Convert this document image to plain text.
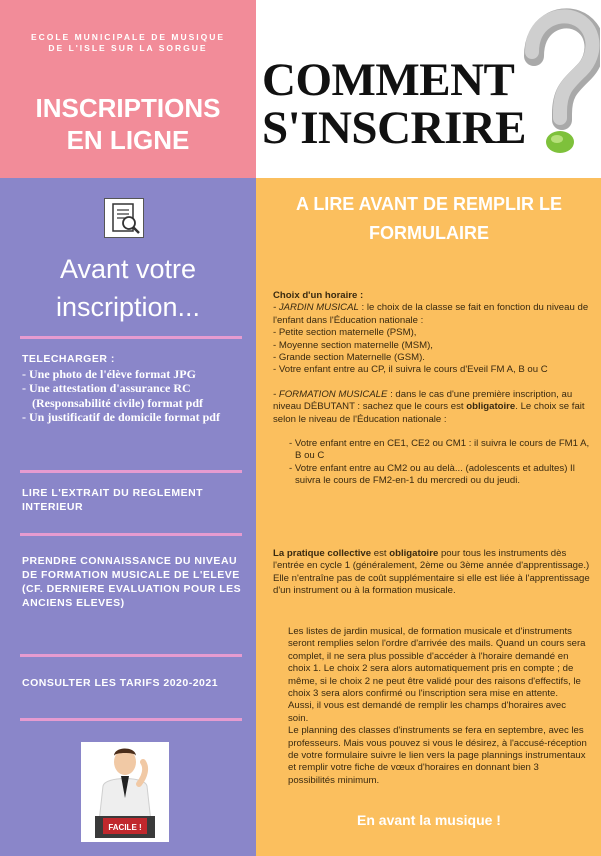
ECOLE MUNICIPALE DE MUSIQUE
DE L'ISLE SUR LA SORGUE
INSCRIPTIONS
EN LIGNE
COMMENT
S'INSCRIRE
Avant votre
inscription...
TELECHARGER :
- Une photo de l'élève format JPG
- Une attestation d'assurance RC (Responsabilité civile) format pdf
- Un justificatif de domicile format pdf
LIRE L'EXTRAIT DU REGLEMENT INTERIEUR
PRENDRE CONNAISSANCE DU NIVEAU DE FORMATION MUSICALE DE L'ELEVE (CF. DERNIERE EVALUATION POUR LES ANCIENS ELEVES)
CONSULTER LES TARIFS 2020-2021
FACILE !
A LIRE AVANT DE REMPLIR LE FORMULAIRE
Choix d'un horaire :
- JARDIN MUSICAL : le choix de la classe se fait en fonction du niveau de l'enfant dans l'Éducation nationale :
- Petite section maternelle (PSM),
- Moyenne section maternelle (MSM),
- Grande section Maternelle (GSM).
- Votre enfant entre au CP, il suivra le cours d'Eveil FM A, B ou C
- FORMATION MUSICALE : dans le cas d'une première inscription, au niveau DÉBUTANT : sachez que le cours est obligatoire. Le choix se fait selon le niveau de l'Éducation nationale :
- Votre enfant entre en CE1, CE2 ou CM1 : il suivra le cours de FM1 A, B ou C
- Votre enfant entre au CM2 ou au delà... (adolescents et adultes) Il suivra le cours de FM2-en-1 du mercredi ou du jeudi.
La pratique collective est obligatoire pour tous les instruments dès l'entrée en cycle 1 (généralement, 2ème ou 3ème année d'apprentissage.) Elle n'entraîne pas de coût supplémentaire si elle est liée à l'apprentissage d'un instrument ou à la formation musicale.
Les listes de jardin musical, de formation musicale et d'instruments seront remplies selon l'ordre d'arrivée des mails. Quand un cours sera complet, il ne sera plus possible d'accéder à l'horaire demandé en choix 1. Le choix 2 sera alors automatiquement pris en compte ; de même, si le choix 2 ne peut être validé pour des raisons d'effectifs, le choix 3 sera alors confirmé ou l'inscription sera mise en attente.
Aussi, il vous est demandé de remplir les champs d'horaires avec soin.
Le planning des classes d'instruments se fera en septembre, avec les professeurs. Mais vous pouvez si vous le désirez, à l'accusé-réception de votre formulaire suivre le lien vers la page plannings instrumentaux et remplir votre fiche de vœux d'horaires en donnant bien 3 possibilités minimum.
En avant la musique !
